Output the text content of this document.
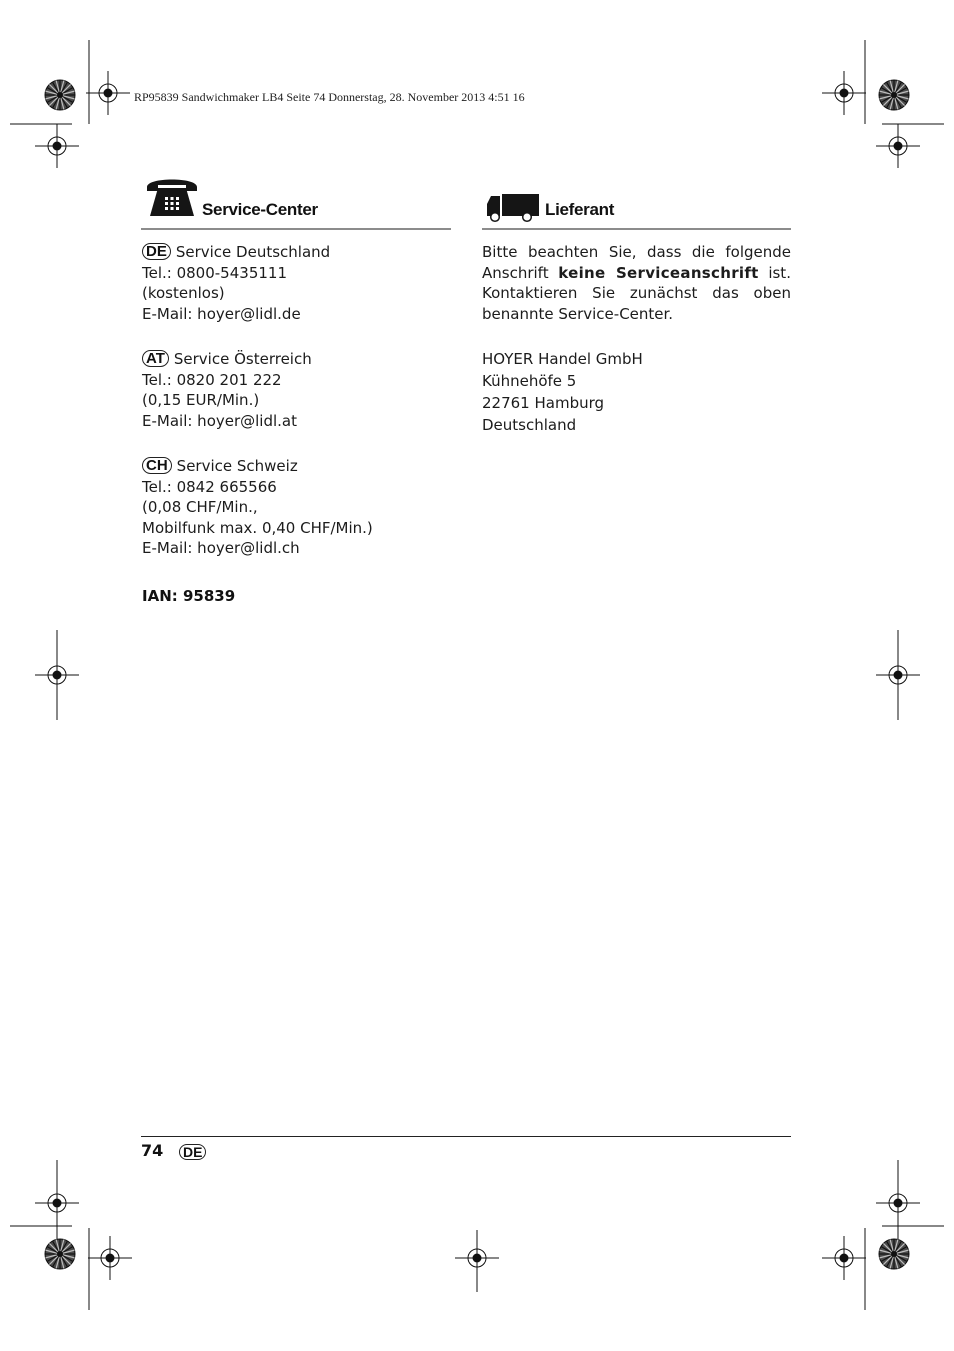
RP95839 Sandwichmaker LB4 Seite 74 Donnerstag, 28. November 2013 4:51 16
Service-Center
DE Service Deutschland
Tel.: 0800-5435111
(kostenlos)
E-Mail: hoyer@lidl.de
AT Service Österreich
Tel.: 0820 201 222
(0,15 EUR/Min.)
E-Mail: hoyer@lidl.at
CH Service Schweiz
Tel.: 0842 665566
(0,08 CHF/Min.,
Mobilfunk max. 0,40 CHF/Min.)
E-Mail: hoyer@lidl.ch
IAN: 95839
Lieferant
Bitte beachten Sie, dass die folgende Anschrift keine Serviceanschrift ist. Kontaktieren Sie zunächst das oben benannte Service-Center.
HOYER Handel GmbH
Kühnehöfe 5
22761 Hamburg
Deutschland
74 DE
